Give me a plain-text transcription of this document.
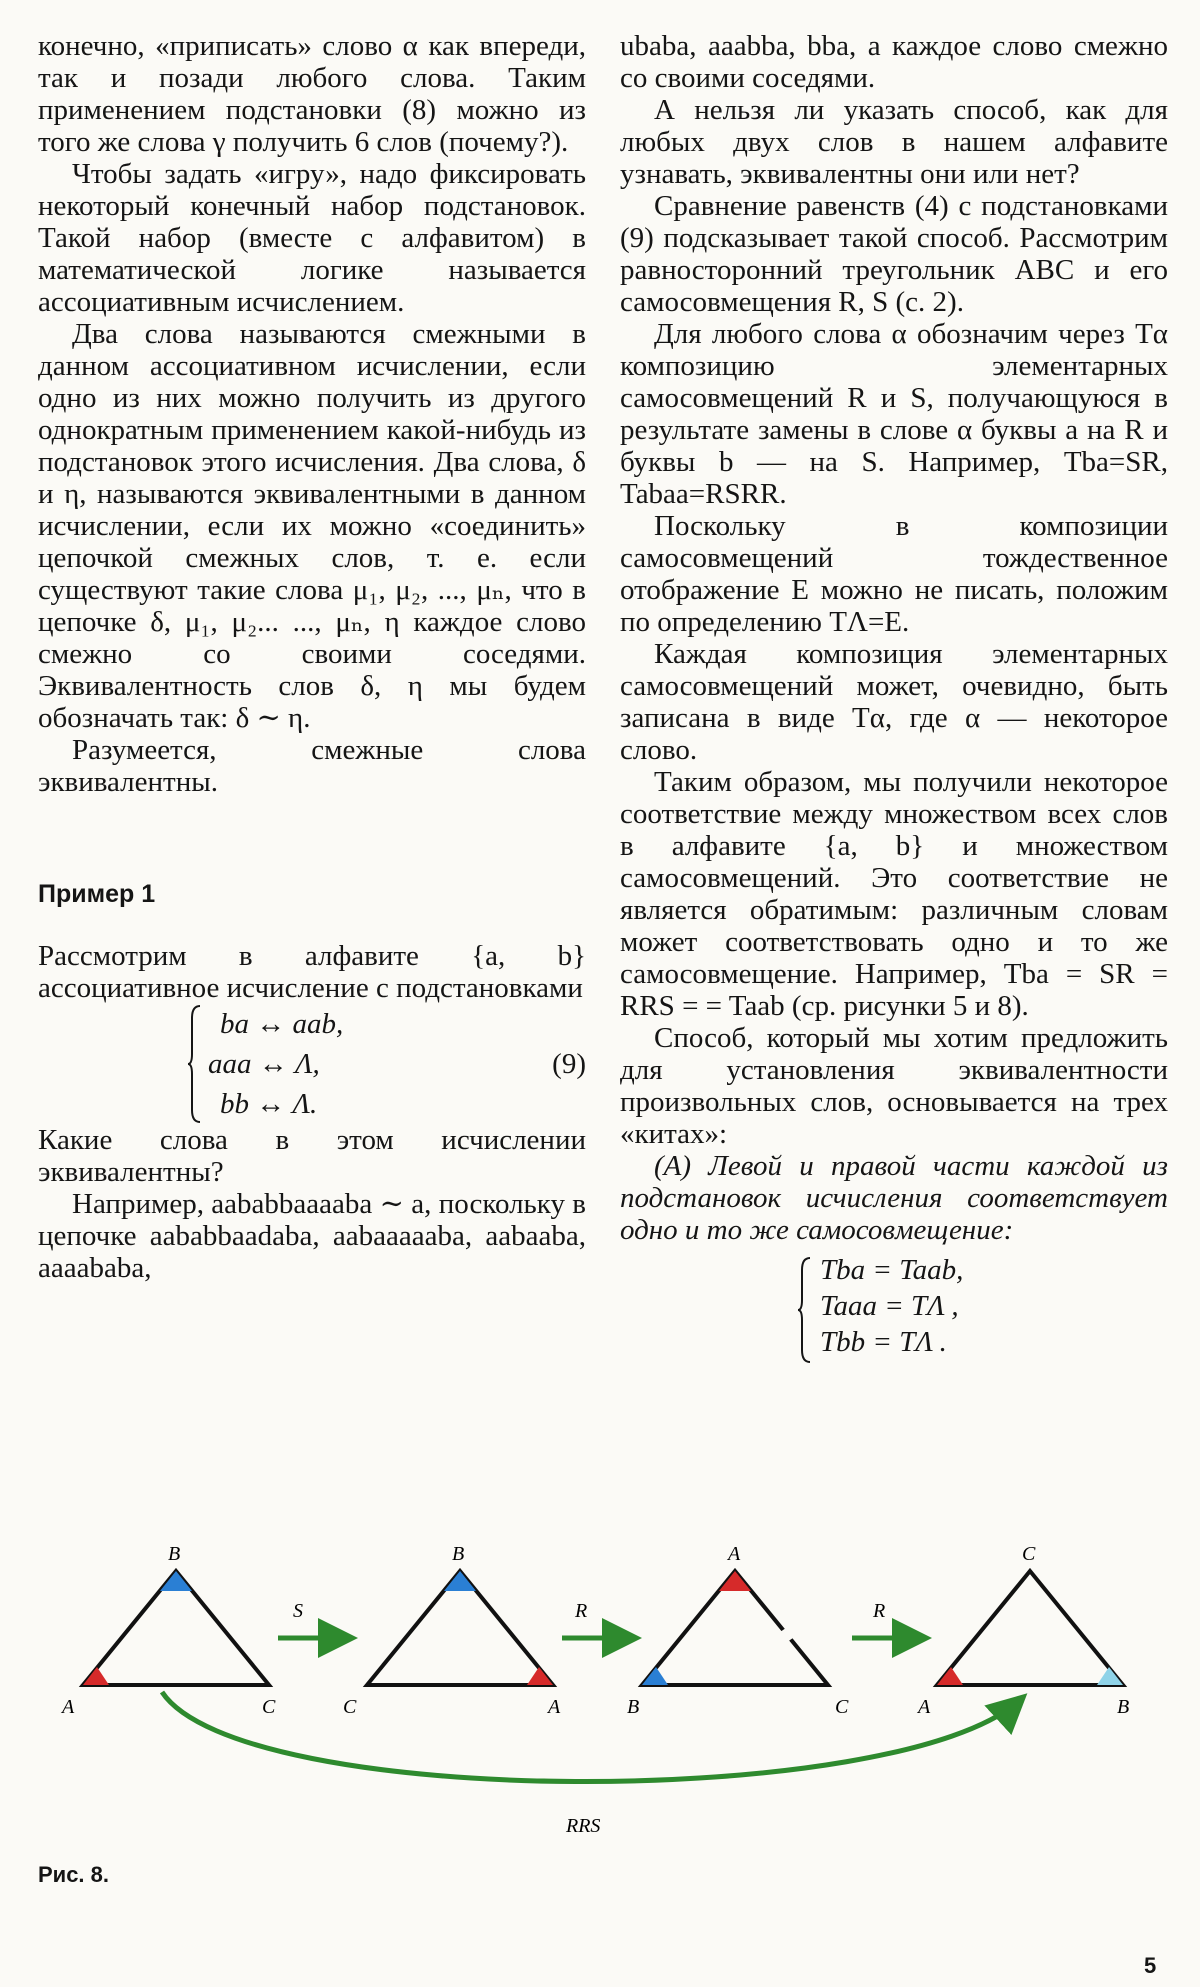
конечно, «приписать» слово α как впереди, так и позади любого слова. Таким применением подстановки (8) можно из того же слова γ получить 6 слов (почему?).

Чтобы задать «игру», надо фиксировать некоторый конечный набор подстановок. Такой набор (вместе с алфавитом) в математической логике называется ассоциативным исчислением.

Два слова называются смежными в данном ассоциативном исчислении, если одно из них можно получить из другого однократным применением какой-нибудь из подстановок этого исчисления. Два слова, δ и η, называются эквивалентными в данном исчислении, если их можно «соединить» цепочкой смежных слов, т. е. если существуют такие слова μ₁, μ₂, ..., μₙ, что в цепочке δ, μ₁, μ₂... ..., μₙ, η каждое слово смежно со своими соседями. Эквивалентность слов δ, η мы будем обозначать так: δ ∼ η.

Разумеется, смежные слова эквивалентны.

Пример 1

Рассмотрим в алфавите {a, b} ассоциативное исчисление с подстановками

ba ↔ aab,
aaa ↔ Λ,
bb ↔ Λ.
(9)

Какие слова в этом исчислении эквивалентны?

Например, aababbaaaaba ∼ a, поскольку в цепочке aababbaadaba, aabaaaaaba, aabaaba, aaaababa,

ubaba, aaabba, bba, a каждое слово смежно со своими соседями.

А нельзя ли указать способ, как для любых двух слов в нашем алфавите узнавать, эквивалентны они или нет?

Сравнение равенств (4) с подстановками (9) подсказывает такой способ. Рассмотрим равносторонний треугольник ABC и его самосовмещения R, S (с. 2).

Для любого слова α обозначим через Tα композицию элементарных самосовмещений R и S, получающуюся в результате замены в слове α буквы a на R и буквы b — на S. Например, Tba=SR, Tabaa=RSRR.

Поскольку в композиции самосовмещений тождественное отображение E можно не писать, положим по определению TΛ=E.

Каждая композиция элементарных самосовмещений может, очевидно, быть записана в виде Tα, где α — некоторое слово.

Таким образом, мы получили некоторое соответствие между множеством всех слов в алфавите {a, b} и множеством самосовмещений. Это соответствие не является обратимым: различным словам может соответствовать одно и то же самосовмещение. Например, Tba = SR = RRS = = Taab (ср. рисунки 5 и 8).

Способ, который мы хотим предложить для установления эквивалентности произвольных слов, основывается на трех «китах»:

(А) Левой и правой части каждой из подстановок исчисления соответствует одно и то же самосовмещение:

Tba = Taab,
Taaa = TΛ ,
Tbb = TΛ .
B
A	C
S
B
C	A
R
A
B	C
R
C
A	B
RRS
Рис. 8.
5
